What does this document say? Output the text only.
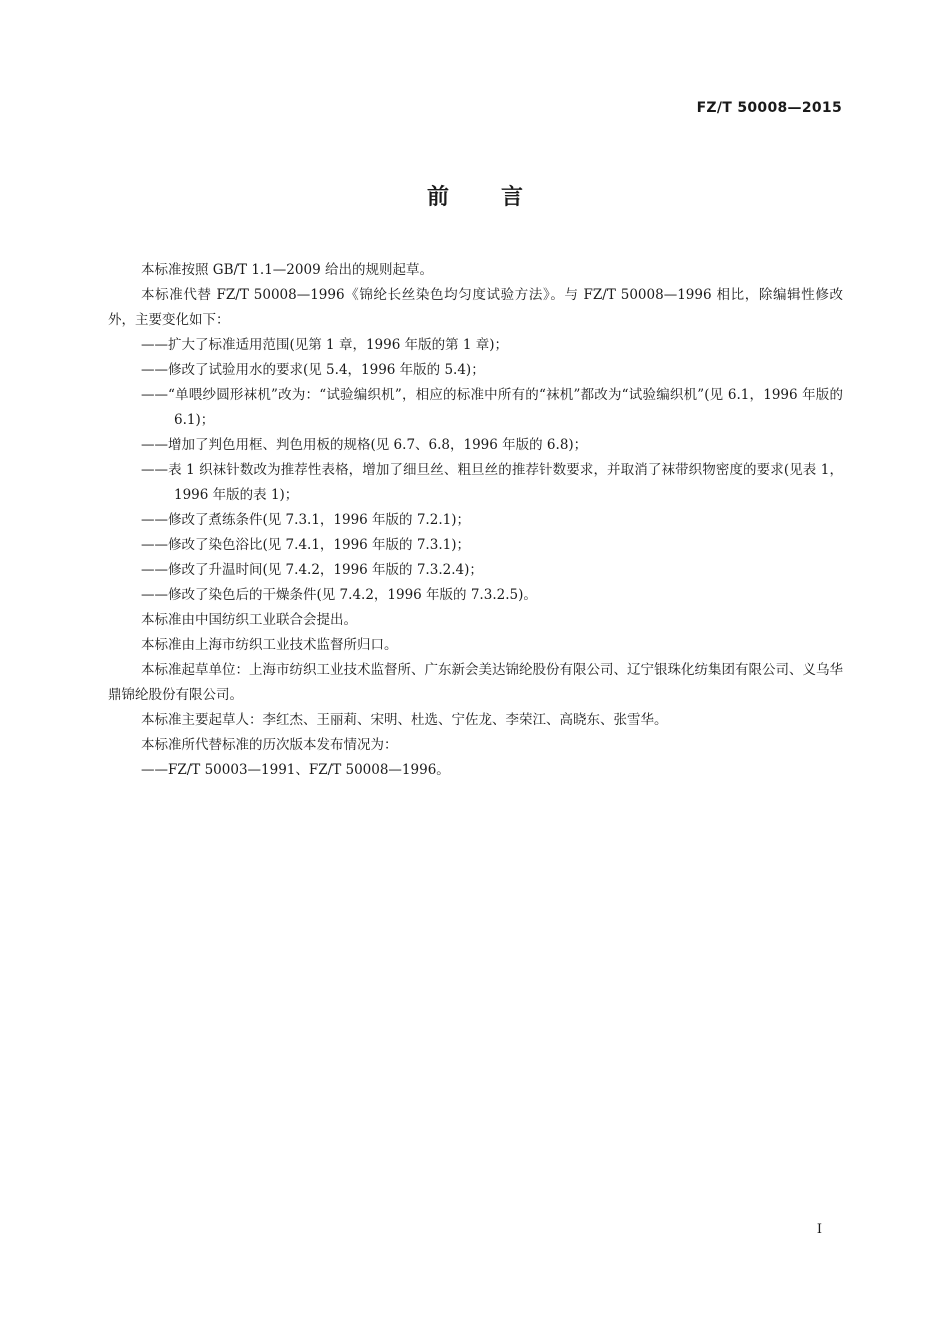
FZ/T 50008—2015
前言

本标准按照 GB/T 1.1—2009 给出的规则起草。

本标准代替 FZ/T 50008—1996《锦纶长丝染色均匀度试验方法》。与 FZ/T 50008—1996 相比，除编辑性修改外，主要变化如下：

——扩大了标准适用范围(见第 1 章，1996 年版的第 1 章)；

——修改了试验用水的要求(见 5.4，1996 年版的 5.4)；

——“单喂纱圆形袜机”改为：“试验编织机”，相应的标准中所有的“袜机”都改为“试验编织机”(见 6.1，1996 年版的 6.1)；

——增加了判色用框、判色用板的规格(见 6.7、6.8，1996 年版的 6.8)；

——表 1 织袜针数改为推荐性表格，增加了细旦丝、粗旦丝的推荐针数要求，并取消了袜带织物密度的要求(见表 1，1996 年版的表 1)；

——修改了煮练条件(见 7.3.1，1996 年版的 7.2.1)；

——修改了染色浴比(见 7.4.1，1996 年版的 7.3.1)；

——修改了升温时间(见 7.4.2，1996 年版的 7.3.2.4)；

——修改了染色后的干燥条件(见 7.4.2，1996 年版的 7.3.2.5)。

本标准由中国纺织工业联合会提出。

本标准由上海市纺织工业技术监督所归口。

本标准起草单位：上海市纺织工业技术监督所、广东新会美达锦纶股份有限公司、辽宁银珠化纺集团有限公司、义乌华鼎锦纶股份有限公司。

本标准主要起草人：李红杰、王丽莉、宋明、杜选、宁佐龙、李荣江、高晓东、张雪华。

本标准所代替标准的历次版本发布情况为：

——FZ/T 50003—1991、FZ/T 50008—1996。

I
